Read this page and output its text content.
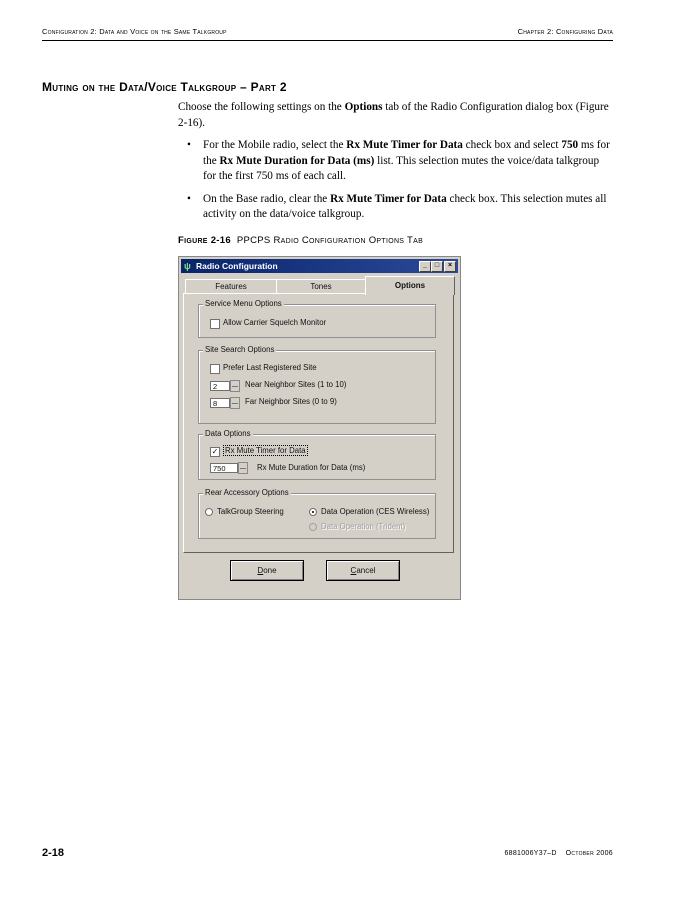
Configuration 2: Data and Voice on the Same Talkgroup	Chapter 2: Configuring Data
Muting on the Data/Voice Talkgroup – Part 2

Choose the following settings on the Options tab of the Radio Configuration dialog box (Figure 2-16).

• For the Mobile radio, select the Rx Mute Timer for Data check box and select 750 ms for the Rx Mute Duration for Data (ms) list. This selection mutes the voice/data talkgroup for the first 750 ms of each call.
• On the Base radio, clear the Rx Mute Timer for Data check box. This selection mutes all activity on the data/voice talkgroup.
Figure 2-16 PPCPS Radio Configuration Options Tab
ψ Radio Configuration	_	□	×
Features	Tones	Options
Service Menu Options
Allow Carrier Squelch Monitor
Site Search Options
Prefer Last Registered Site
2	Near Neighbor Sites (1 to 10)
8	Far Neighbor Sites (0 to 9)
Data Options
✓ Rx Mute Timer for Data
750	Rx Mute Duration for Data (ms)
Rear Accessory Options
TalkGroup Steering	Data Operation (CES Wireless)
Data Operation (Trident)
Done	Cancel
2-18	6881006Y37–D    October 2006
